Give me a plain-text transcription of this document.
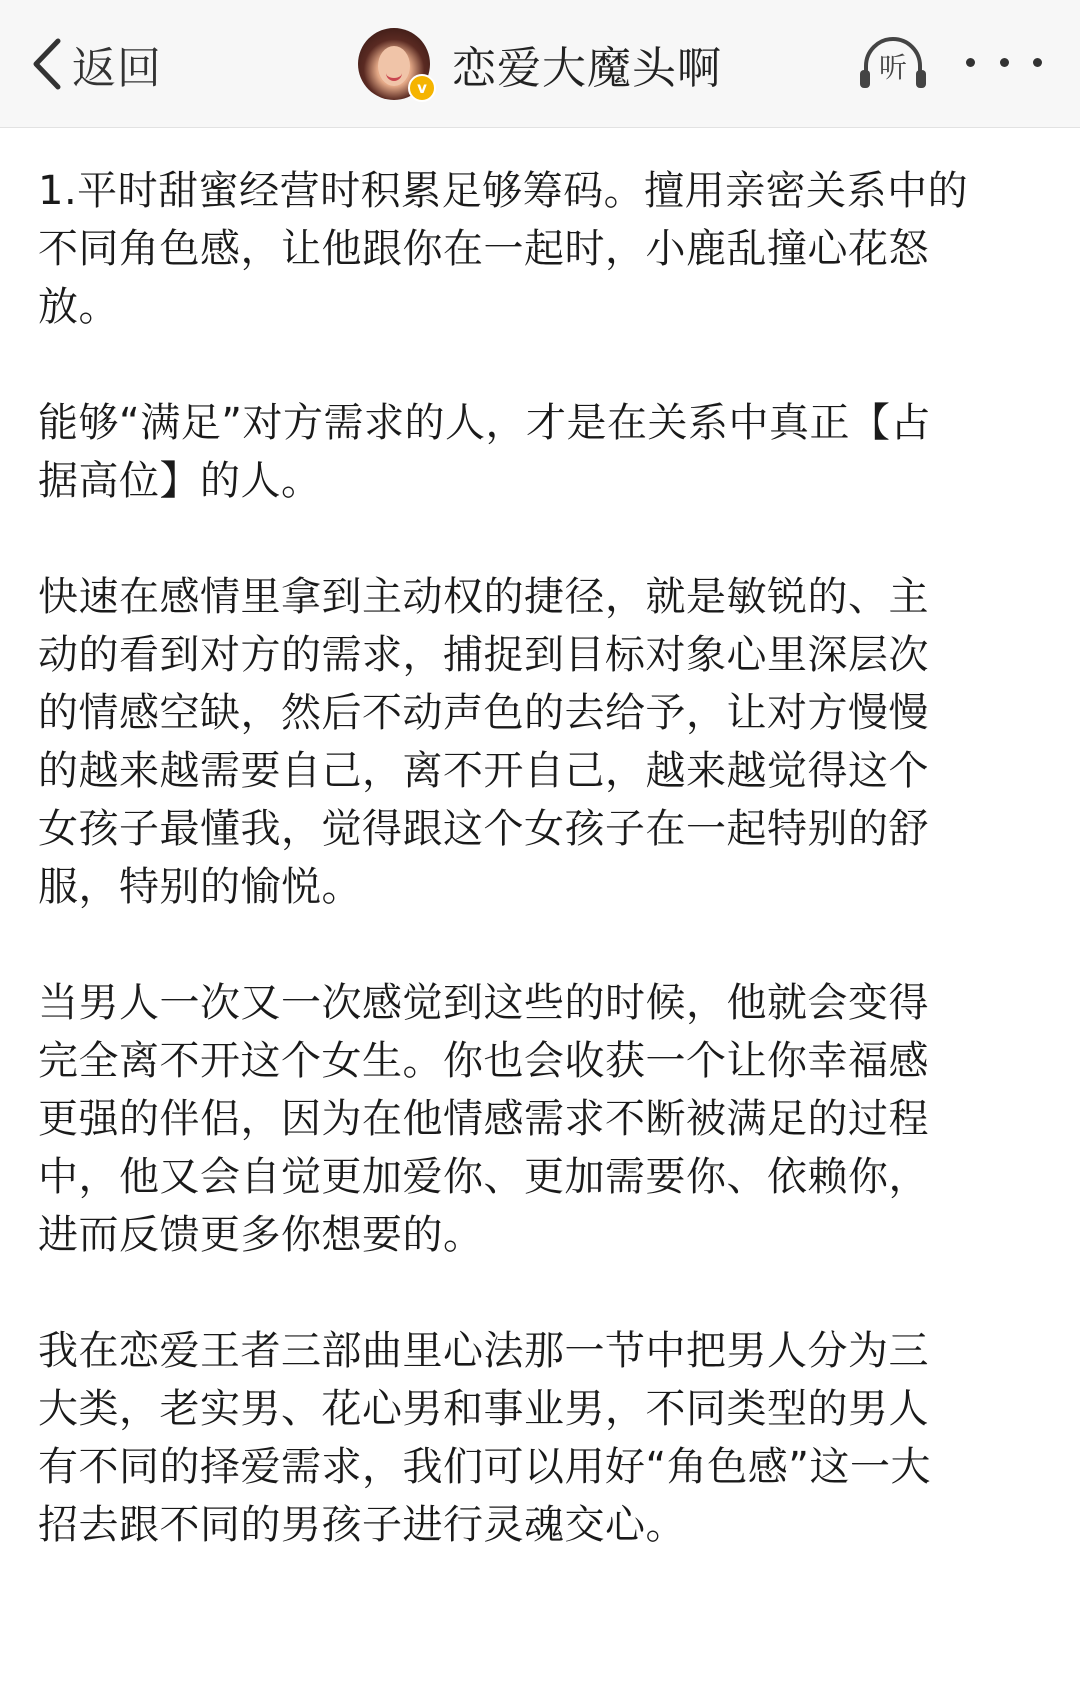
返回	v 恋爱大魔头啊	听

1.平时甜蜜经营时积累足够筹码。擅用亲密关系中的
不同角色感，让他跟你在一起时，小鹿乱撞心花怒
放。

能够“满足”对方需求的人，才是在关系中真正【占
据高位】的人。

快速在感情里拿到主动权的捷径，就是敏锐的、主
动的看到对方的需求，捕捉到目标对象心里深层次
的情感空缺，然后不动声色的去给予，让对方慢慢
的越来越需要自己，离不开自己，越来越觉得这个
女孩子最懂我，觉得跟这个女孩子在一起特别的舒
服，特别的愉悦。

当男人一次又一次感觉到这些的时候，他就会变得
完全离不开这个女生。你也会收获一个让你幸福感
更强的伴侣，因为在他情感需求不断被满足的过程
中，他又会自觉更加爱你、更加需要你、依赖你，
进而反馈更多你想要的。

我在恋爱王者三部曲里心法那一节中把男人分为三
大类，老实男、花心男和事业男，不同类型的男人
有不同的择爱需求，我们可以用好“角色感”这一大
招去跟不同的男孩子进行灵魂交心。
